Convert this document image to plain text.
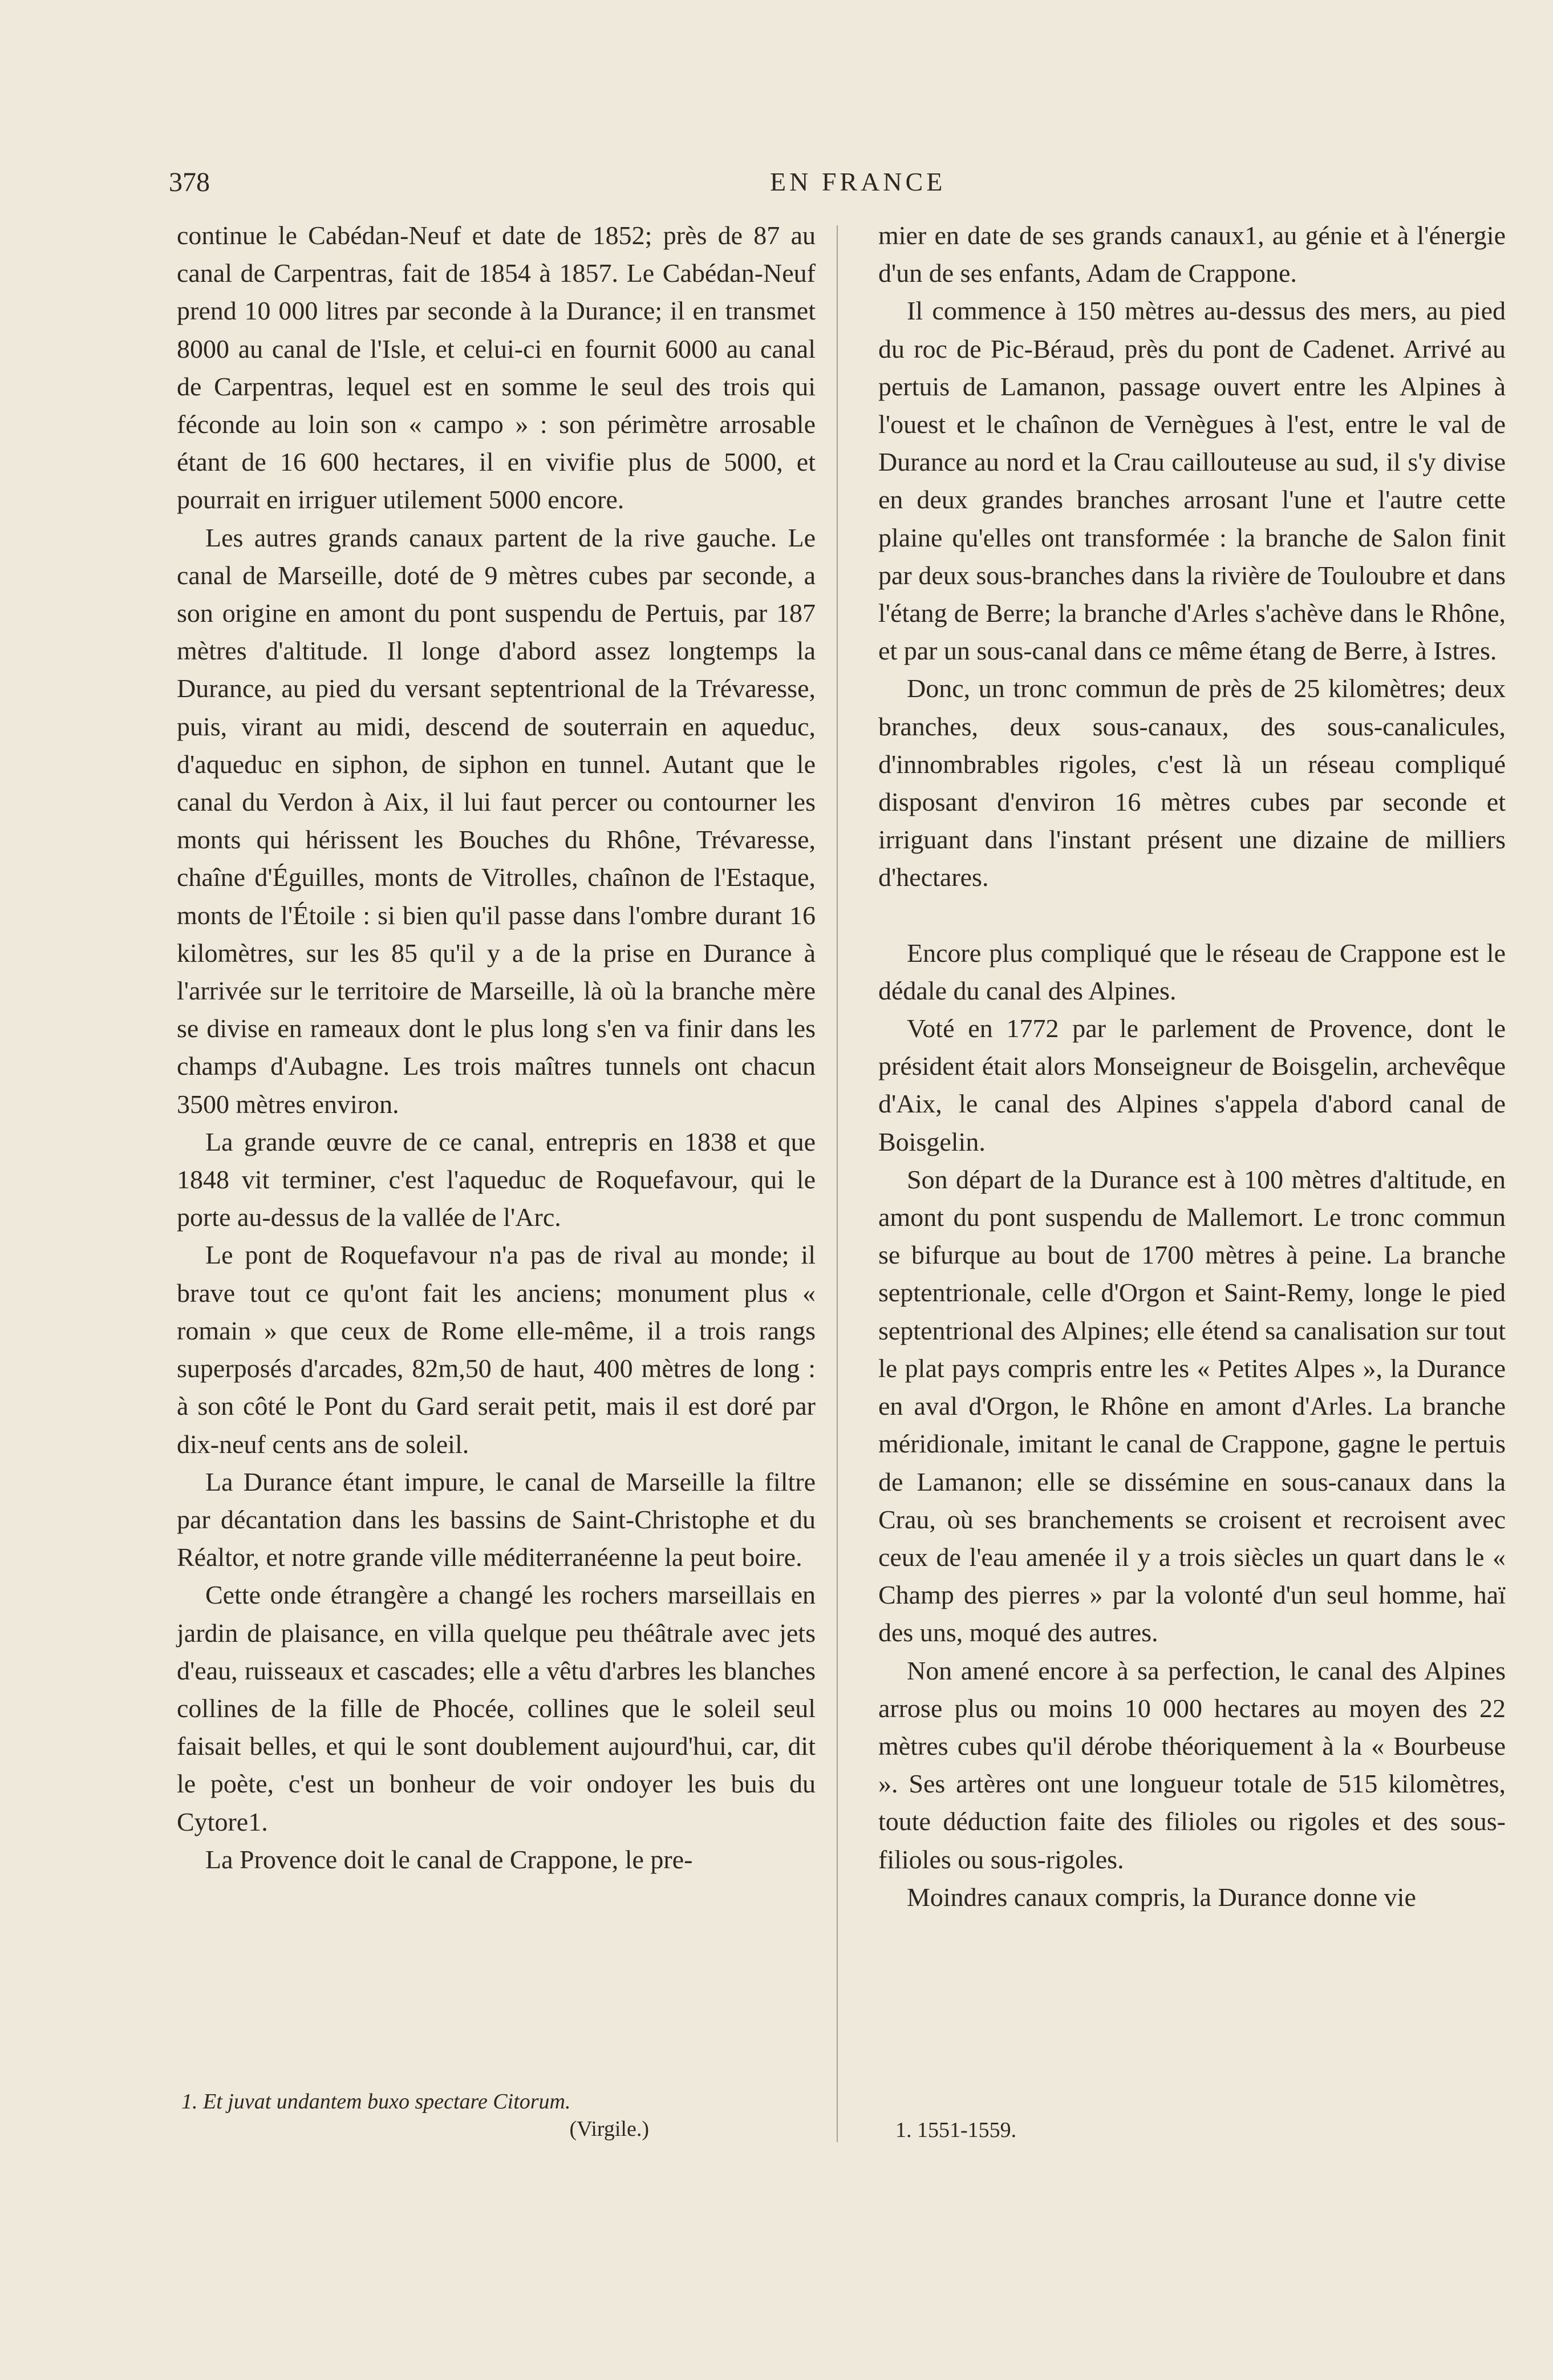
378	EN FRANCE

continue le Cabédan-Neuf et date de 1852; près de 87 au canal de Carpentras, fait de 1854 à 1857. Le Cabédan-Neuf prend 10 000 litres par seconde à la Durance; il en transmet 8000 au canal de l'Isle, et celui-ci en fournit 6000 au canal de Carpentras, lequel est en somme le seul des trois qui féconde au loin son « campo » : son périmètre arrosable étant de 16 600 hectares, il en vivifie plus de 5000, et pourrait en irriguer utilement 5000 encore.

Les autres grands canaux partent de la rive gauche. Le canal de Marseille, doté de 9 mètres cubes par seconde, a son origine en amont du pont suspendu de Pertuis, par 187 mètres d'altitude. Il longe d'abord assez longtemps la Durance, au pied du versant septentrional de la Trévaresse, puis, virant au midi, descend de souterrain en aqueduc, d'aqueduc en siphon, de siphon en tunnel. Autant que le canal du Verdon à Aix, il lui faut percer ou contourner les monts qui hérissent les Bouches du Rhône, Trévaresse, chaîne d'Éguilles, monts de Vitrolles, chaînon de l'Estaque, monts de l'Étoile : si bien qu'il passe dans l'ombre durant 16 kilomètres, sur les 85 qu'il y a de la prise en Durance à l'arrivée sur le territoire de Marseille, là où la branche mère se divise en rameaux dont le plus long s'en va finir dans les champs d'Aubagne. Les trois maîtres tunnels ont chacun 3500 mètres environ.

La grande œuvre de ce canal, entrepris en 1838 et que 1848 vit terminer, c'est l'aqueduc de Roquefavour, qui le porte au-dessus de la vallée de l'Arc.

Le pont de Roquefavour n'a pas de rival au monde; il brave tout ce qu'ont fait les anciens; monument plus « romain » que ceux de Rome elle-même, il a trois rangs superposés d'arcades, 82m,50 de haut, 400 mètres de long : à son côté le Pont du Gard serait petit, mais il est doré par dix-neuf cents ans de soleil.

La Durance étant impure, le canal de Marseille la filtre par décantation dans les bassins de Saint-Christophe et du Réaltor, et notre grande ville méditerranéenne la peut boire.

Cette onde étrangère a changé les rochers marseillais en jardin de plaisance, en villa quelque peu théâtrale avec jets d'eau, ruisseaux et cascades; elle a vêtu d'arbres les blanches collines de la fille de Phocée, collines que le soleil seul faisait belles, et qui le sont doublement aujourd'hui, car, dit le poète, c'est un bonheur de voir ondoyer les buis du Cytore1.

La Provence doit le canal de Crappone, le pre-

mier en date de ses grands canaux1, au génie et à l'énergie d'un de ses enfants, Adam de Crappone.

Il commence à 150 mètres au-dessus des mers, au pied du roc de Pic-Béraud, près du pont de Cadenet. Arrivé au pertuis de Lamanon, passage ouvert entre les Alpines à l'ouest et le chaînon de Vernègues à l'est, entre le val de Durance au nord et la Crau caillouteuse au sud, il s'y divise en deux grandes branches arrosant l'une et l'autre cette plaine qu'elles ont transformée : la branche de Salon finit par deux sous-branches dans la rivière de Touloubre et dans l'étang de Berre; la branche d'Arles s'achève dans le Rhône, et par un sous-canal dans ce même étang de Berre, à Istres.

Donc, un tronc commun de près de 25 kilomètres; deux branches, deux sous-canaux, des sous-canalicules, d'innombrables rigoles, c'est là un réseau compliqué disposant d'environ 16 mètres cubes par seconde et irriguant dans l'instant présent une dizaine de milliers d'hectares.

Encore plus compliqué que le réseau de Crappone est le dédale du canal des Alpines.

Voté en 1772 par le parlement de Provence, dont le président était alors Monseigneur de Boisgelin, archevêque d'Aix, le canal des Alpines s'appela d'abord canal de Boisgelin.

Son départ de la Durance est à 100 mètres d'altitude, en amont du pont suspendu de Mallemort. Le tronc commun se bifurque au bout de 1700 mètres à peine. La branche septentrionale, celle d'Orgon et Saint-Remy, longe le pied septentrional des Alpines; elle étend sa canalisation sur tout le plat pays compris entre les « Petites Alpes », la Durance en aval d'Orgon, le Rhône en amont d'Arles. La branche méridionale, imitant le canal de Crappone, gagne le pertuis de Lamanon; elle se dissémine en sous-canaux dans la Crau, où ses branchements se croisent et recroisent avec ceux de l'eau amenée il y a trois siècles un quart dans le « Champ des pierres » par la volonté d'un seul homme, haï des uns, moqué des autres.

Non amené encore à sa perfection, le canal des Alpines arrose plus ou moins 10 000 hectares au moyen des 22 mètres cubes qu'il dérobe théoriquement à la « Bourbeuse ». Ses artères ont une longueur totale de 515 kilomètres, toute déduction faite des filioles ou rigoles et des sous-filioles ou sous-rigoles.

Moindres canaux compris, la Durance donne vie

1. Et juvat undantem buxo spectare Citorum.
(Virgile.)	1. 1551-1559.
